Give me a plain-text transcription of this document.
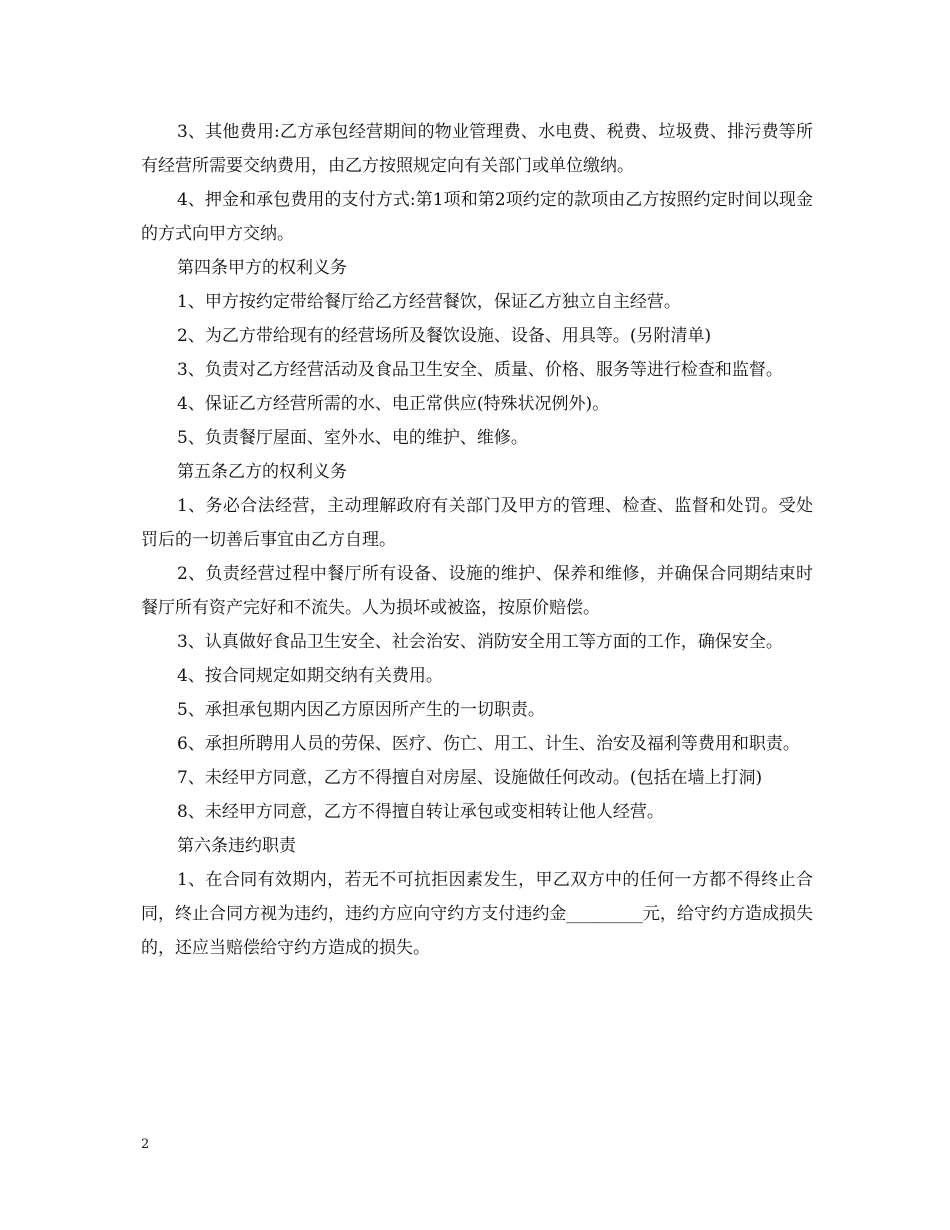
3、其他费用:乙方承包经营期间的物业管理费、水电费、税费、垃圾费、排污费等所有经营所需要交纳费用，由乙方按照规定向有关部门或单位缴纳。

4、押金和承包费用的支付方式:第1项和第2项约定的款项由乙方按照约定时间以现金的方式向甲方交纳。

第四条甲方的权利义务

1、甲方按约定带给餐厅给乙方经营餐饮，保证乙方独立自主经营。

2、为乙方带给现有的经营场所及餐饮设施、设备、用具等。(另附清单)

3、负责对乙方经营活动及食品卫生安全、质量、价格、服务等进行检查和监督。

4、保证乙方经营所需的水、电正常供应(特殊状况例外)。

5、负责餐厅屋面、室外水、电的维护、维修。

第五条乙方的权利义务

1、务必合法经营，主动理解政府有关部门及甲方的管理、检查、监督和处罚。受处罚后的一切善后事宜由乙方自理。

2、负责经营过程中餐厅所有设备、设施的维护、保养和维修，并确保合同期结束时餐厅所有资产完好和不流失。人为损坏或被盗，按原价赔偿。

3、认真做好食品卫生安全、社会治安、消防安全用工等方面的工作，确保安全。

4、按合同规定如期交纳有关费用。

5、承担承包期内因乙方原因所产生的一切职责。

6、承担所聘用人员的劳保、医疗、伤亡、用工、计生、治安及福利等费用和职责。

7、未经甲方同意，乙方不得擅自对房屋、设施做任何改动。(包括在墙上打洞)

8、未经甲方同意，乙方不得擅自转让承包或变相转让他人经营。

第六条违约职责

1、在合同有效期内，若无不可抗拒因素发生，甲乙双方中的任何一方都不得终止合同，终止合同方视为违约，违约方应向守约方支付违约金_________元，给守约方造成损失的，还应当赔偿给守约方造成的损失。

2
